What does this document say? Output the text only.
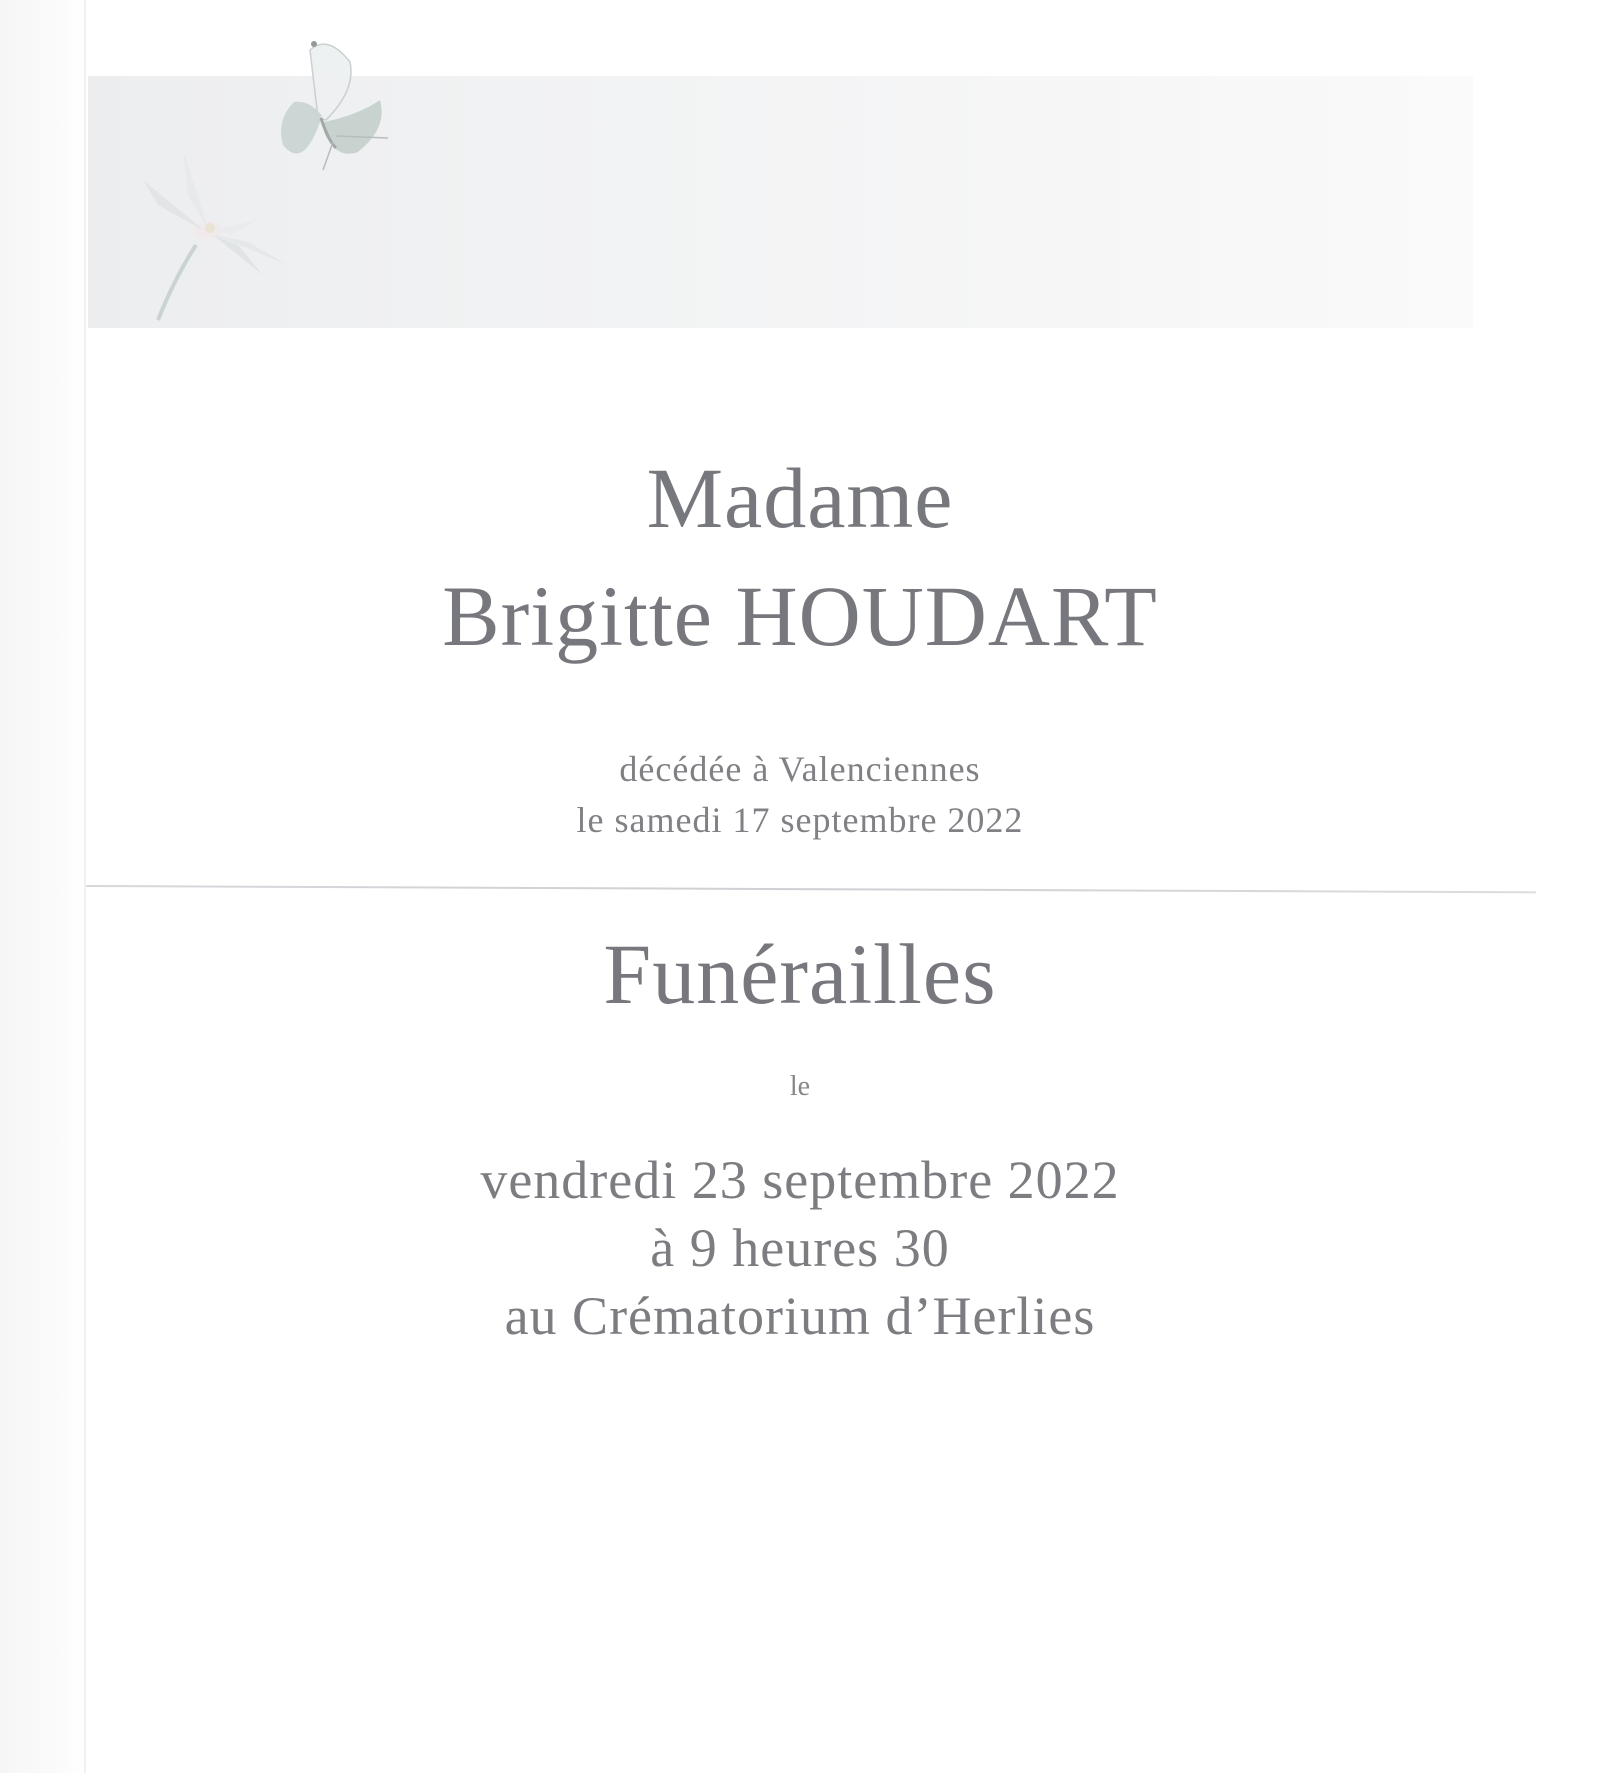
Madame
Brigitte HOUDART
décédée à Valenciennes
le samedi 17 septembre 2022
Funérailles
le
vendredi 23 septembre 2022
à 9 heures 30
au Crématorium d’Herlies
